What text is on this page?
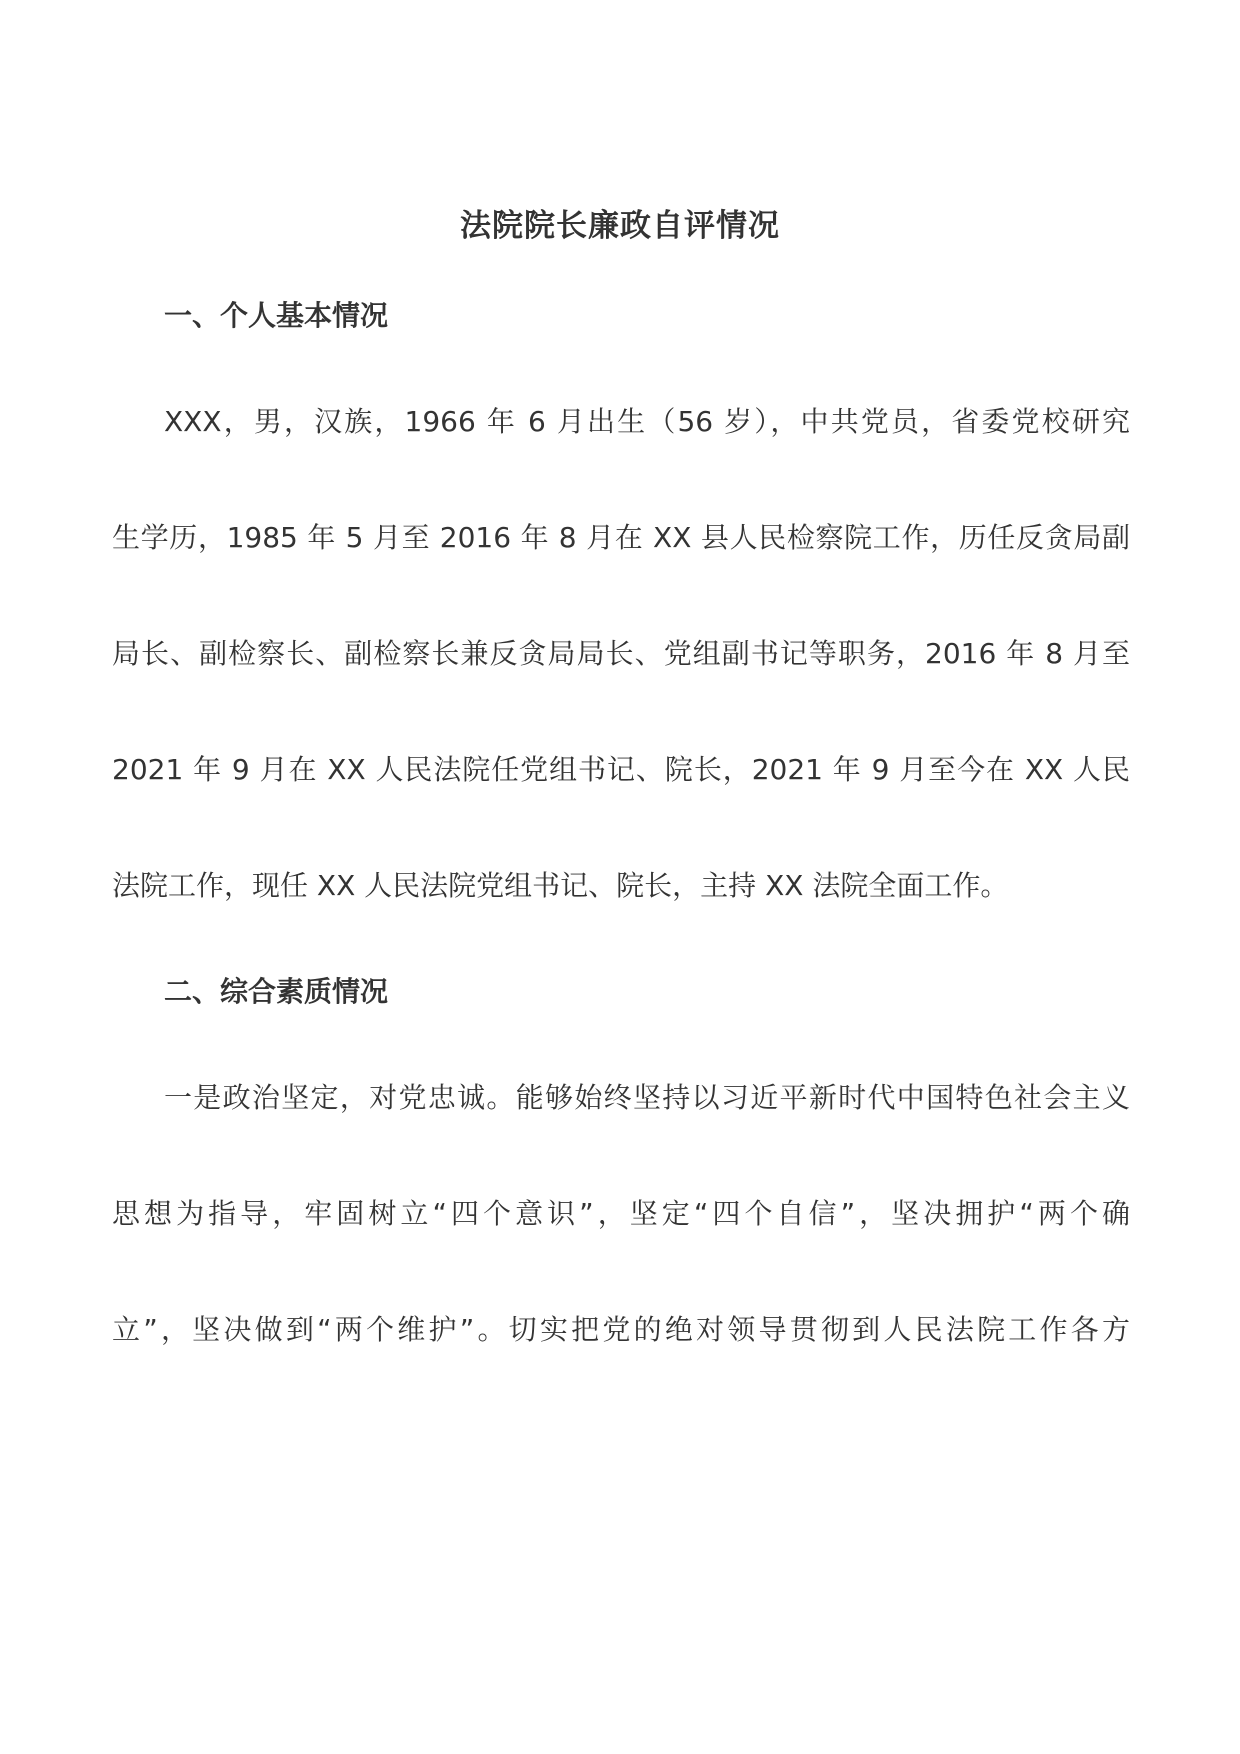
法院院长廉政自评情况
一、个人基本情况
XXX，男，汉族，1966 年 6 月出生（56 岁），中共党员，省委党校研究
生学历，1985 年 5 月至 2016 年 8 月在 XX 县人民检察院工作，历任反贪局副
局长、副检察长、副检察长兼反贪局局长、党组副书记等职务，2016 年 8 月至
2021 年 9 月在 XX 人民法院任党组书记、院长，2021 年 9 月至今在 XX 人民
法院工作，现任 XX 人民法院党组书记、院长，主持 XX 法院全面工作。
二、综合素质情况
一是政治坚定，对党忠诚。能够始终坚持以习近平新时代中国特色社会主义
思想为指导，牢固树立“四个意识”，坚定“四个自信”，坚决拥护“两个确
立”，坚决做到“两个维护”。切实把党的绝对领导贯彻到人民法院工作各方
